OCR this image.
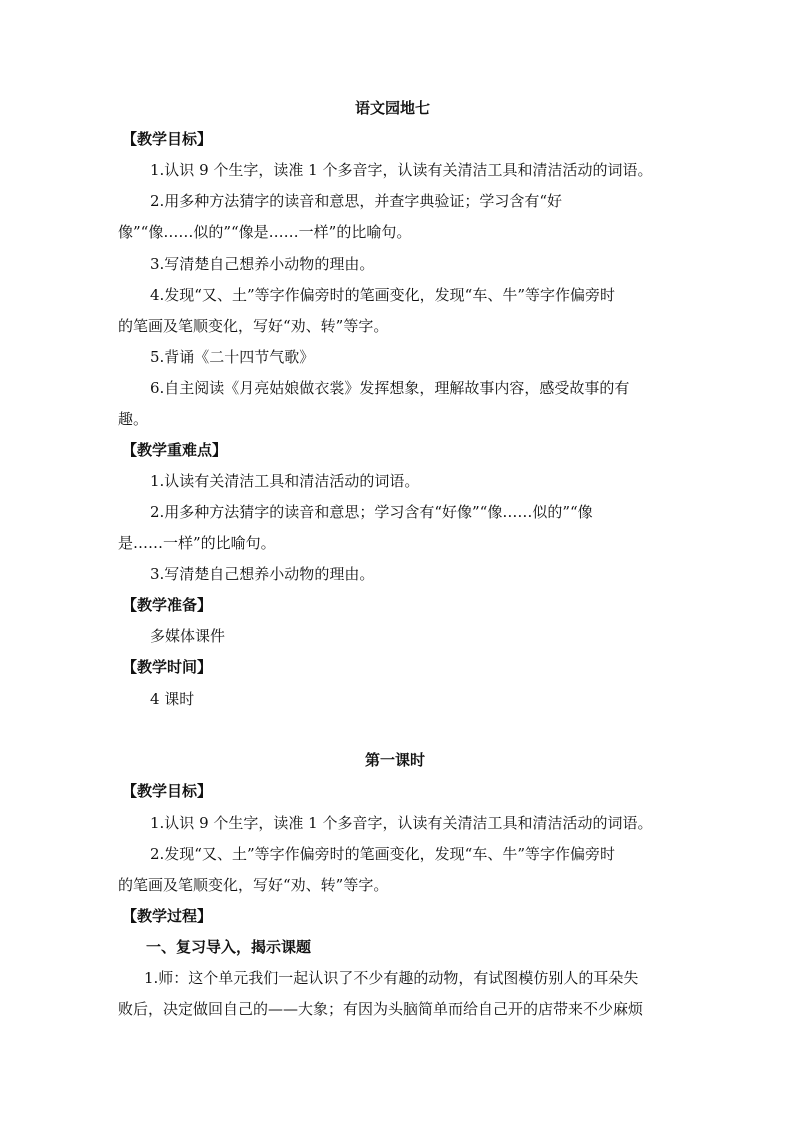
语文园地七
【教学目标】
1.认识 9 个生字，读准 1 个多音字，认读有关清洁工具和清洁活动的词语。
2.用多种方法猜字的读音和意思，并查字典验证；学习含有“好
像”“像……似的”“像是……一样”的比喻句。
3.写清楚自己想养小动物的理由。
4.发现“又、土”等字作偏旁时的笔画变化，发现“车、牛”等字作偏旁时
的笔画及笔顺变化，写好“劝、转”等字。
5.背诵《二十四节气歌》
6.自主阅读《月亮姑娘做衣裳》发挥想象，理解故事内容，感受故事的有
趣。
【教学重难点】
1.认读有关清洁工具和清洁活动的词语。
2.用多种方法猜字的读音和意思；学习含有“好像”“像……似的”“像
是……一样”的比喻句。
3.写清楚自己想养小动物的理由。
【教学准备】
多媒体课件
【教学时间】
4 课时
第一课时
【教学目标】
1.认识 9 个生字，读准 1 个多音字，认读有关清洁工具和清洁活动的词语。
2.发现“又、土”等字作偏旁时的笔画变化，发现“车、牛”等字作偏旁时
的笔画及笔顺变化，写好“劝、转”等字。
【教学过程】
一、复习导入，揭示课题
1.师：这个单元我们一起认识了不少有趣的动物，有试图模仿别人的耳朵失
败后，决定做回自己的——大象；有因为头脑简单而给自己开的店带来不少麻烦
